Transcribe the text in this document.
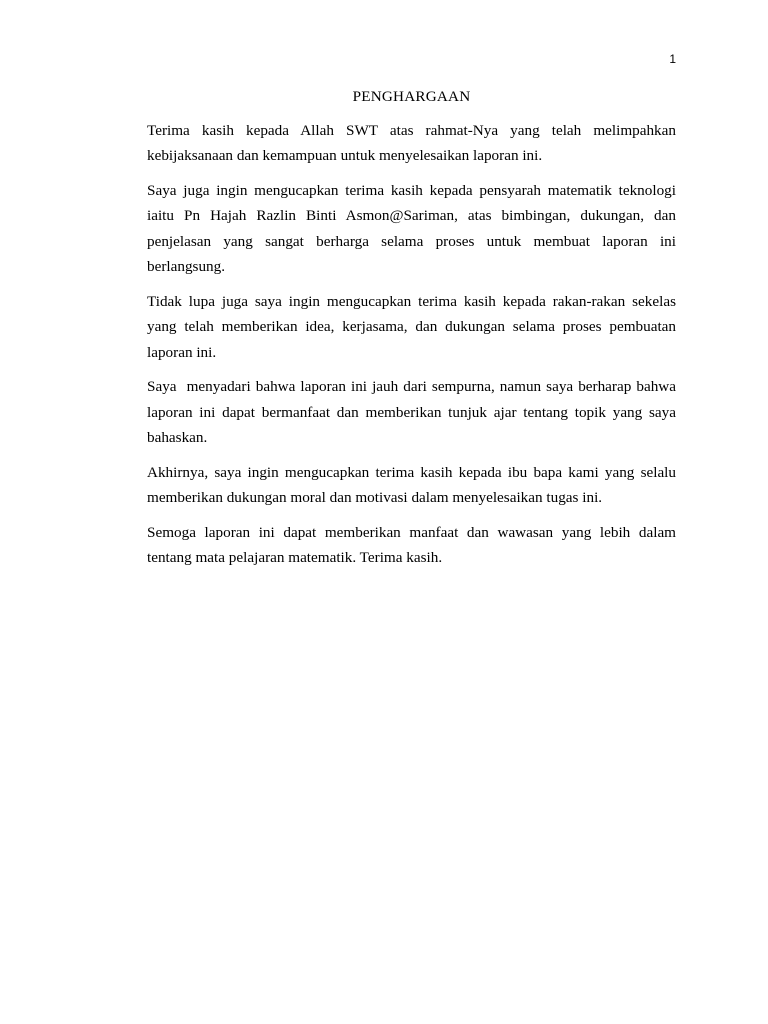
1
PENGHARGAAN

Terima kasih kepada Allah SWT atas rahmat-Nya yang telah melimpahkan kebijaksanaan dan kemampuan untuk menyelesaikan laporan ini.

Saya juga ingin mengucapkan terima kasih kepada pensyarah matematik teknologi iaitu Pn Hajah Razlin Binti Asmon@Sariman, atas bimbingan, dukungan, dan penjelasan yang sangat berharga selama proses untuk membuat laporan ini berlangsung.

Tidak lupa juga saya ingin mengucapkan terima kasih kepada rakan-rakan sekelas yang telah memberikan idea, kerjasama, dan dukungan selama proses pembuatan laporan ini.

Saya  menyadari bahwa laporan ini jauh dari sempurna, namun saya berharap bahwa laporan ini dapat bermanfaat dan memberikan tunjuk ajar tentang topik yang saya bahaskan.

Akhirnya, saya ingin mengucapkan terima kasih kepada ibu bapa kami yang selalu memberikan dukungan moral dan motivasi dalam menyelesaikan tugas ini.

Semoga laporan ini dapat memberikan manfaat dan wawasan yang lebih dalam tentang mata pelajaran matematik. Terima kasih.
